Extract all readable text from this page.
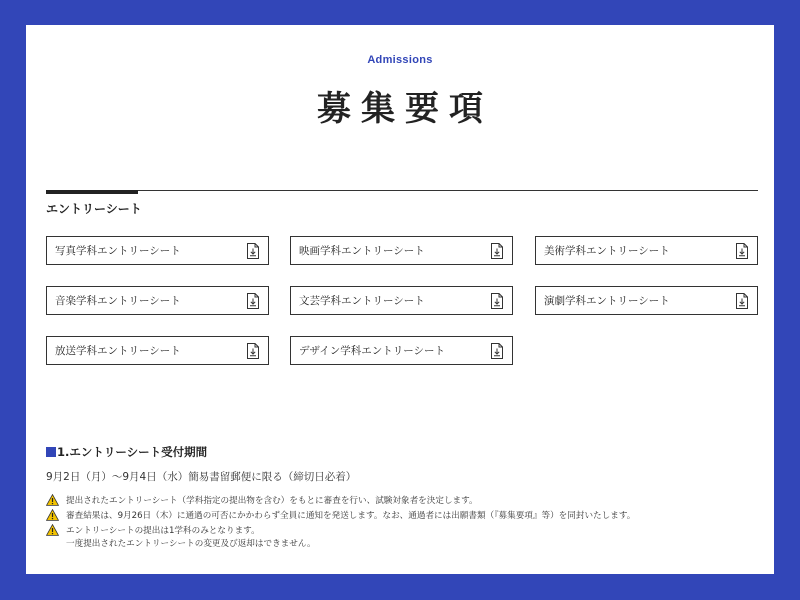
Admissions
募集要項
エントリーシート
写真学科エントリーシート	映画学科エントリーシート	美術学科エントリーシート
音楽学科エントリーシート	文芸学科エントリーシート	演劇学科エントリーシート
放送学科エントリーシート	デザイン学科エントリーシート
1.エントリーシート受付期間

9月2日（月）～9月4日（水）簡易書留郵便に限る（締切日必着）

提出されたエントリーシート（学科指定の提出物を含む）をもとに審査を行い、試験対象者を決定します。
審査結果は、9月26日（木）に通過の可否にかかわらず全員に通知を発送します。なお、通過者には出願書類（『募集要項』等）を同封いたします。
エントリーシートの提出は1学科のみとなります。
一度提出されたエントリーシートの変更及び返却はできません。
